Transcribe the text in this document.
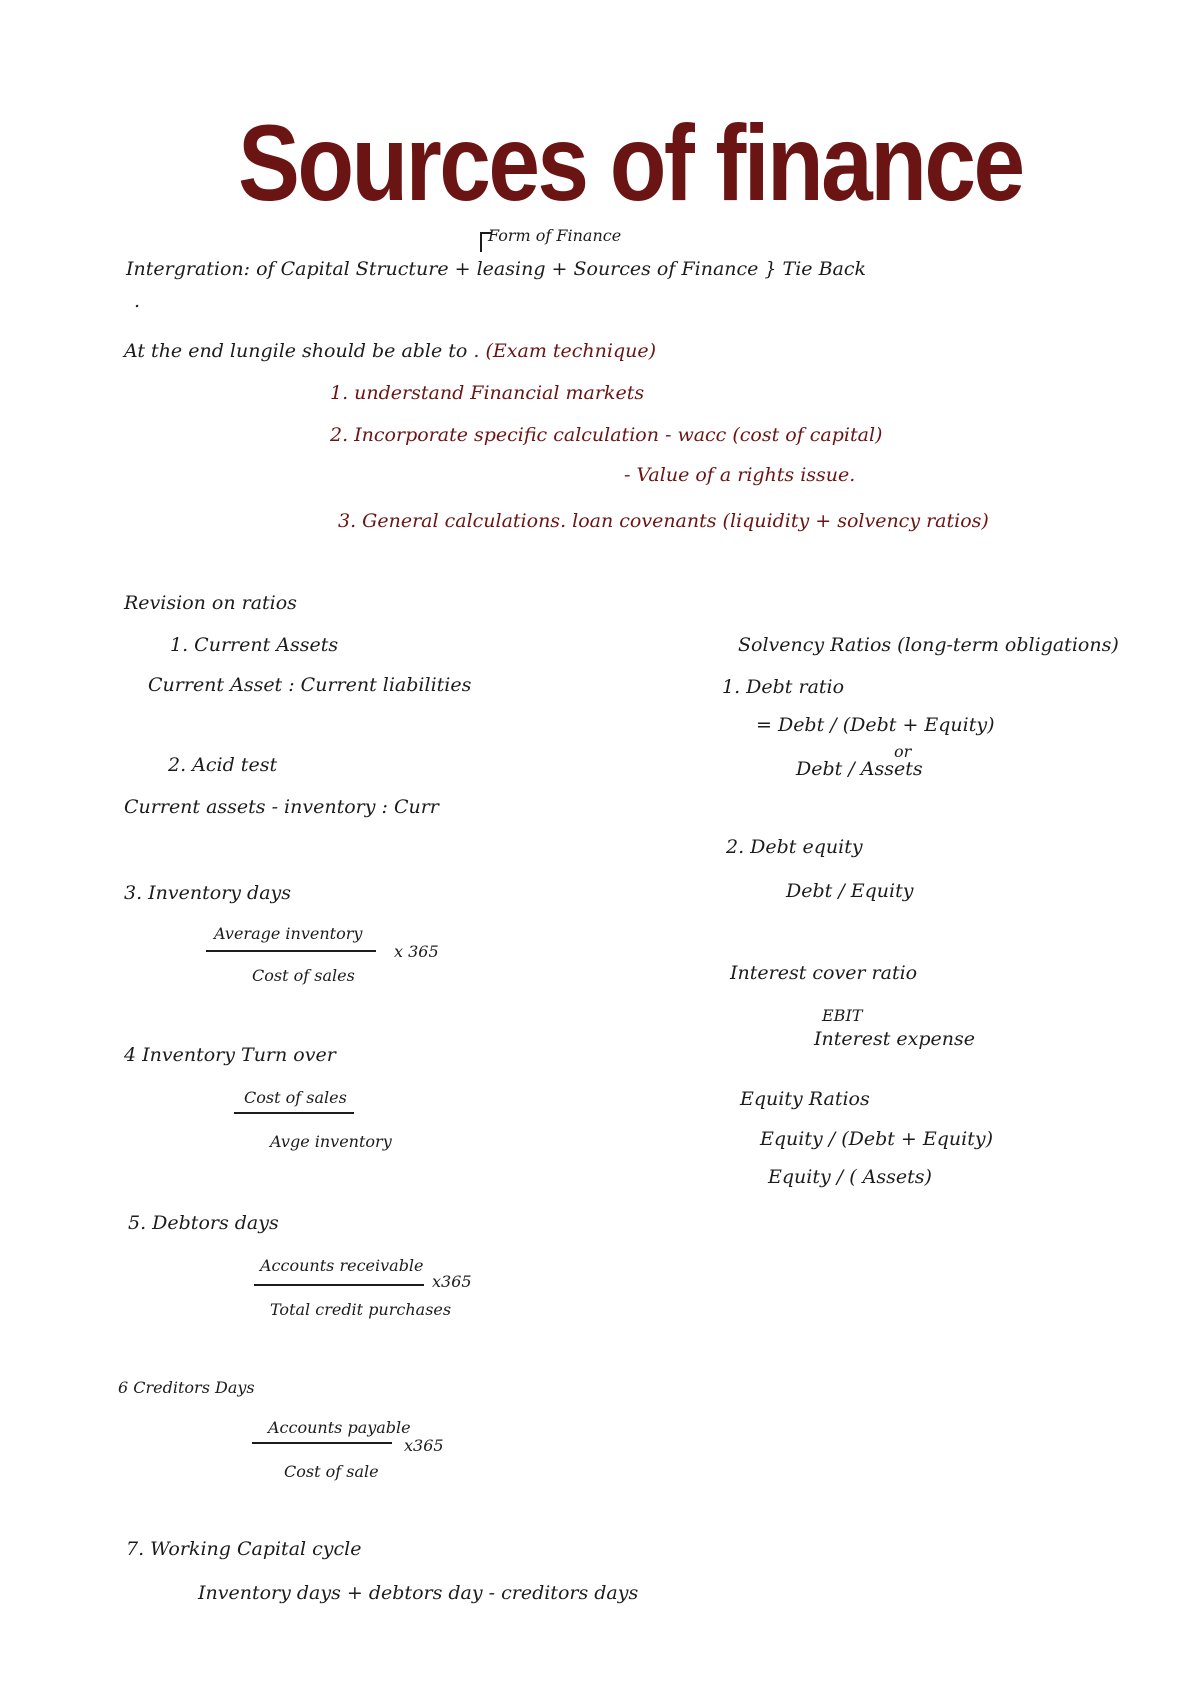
Sources of finance
Form of Finance
Intergration: of Capital Structure + leasing + Sources of Finance } Tie Back
.
At the end lungile should be able to . (Exam technique)
1. understand Financial markets
2. Incorporate specific calculation - wacc (cost of capital)
- Value of a rights issue.
3. General calculations. loan covenants (liquidity + solvency ratios)
Revision on ratios
1. Current Assets
Current Asset : Current liabilities
2. Acid test
Current assets - inventory : Curr
3. Inventory days
Average inventory
x 365
Cost of sales
4 Inventory Turn over
Cost of sales
Avge inventory
5. Debtors days
Accounts receivable
x365
Total credit purchases
6 Creditors Days
Accounts payable
x365
Cost of sale
7. Working Capital cycle
Inventory days + debtors day - creditors days
Solvency Ratios (long-term obligations)
1. Debt ratio
= Debt / (Debt + Equity)
or
Debt / Assets
2. Debt equity
Debt / Equity
Interest cover ratio
EBIT
Interest expense
Equity Ratios
Equity / (Debt + Equity)
Equity / ( Assets)
